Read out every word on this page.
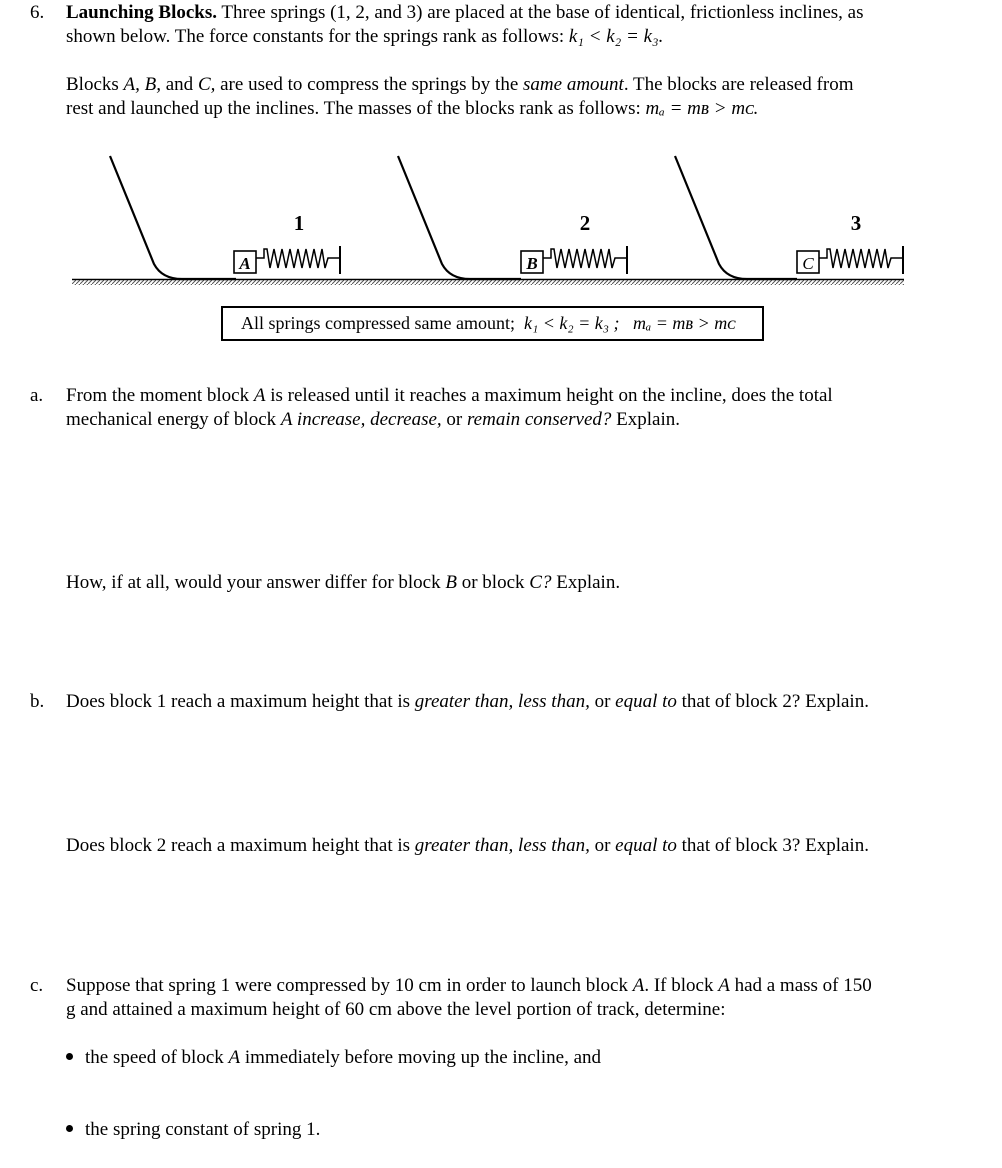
6. Launching Blocks. Three springs (1, 2, and 3) are placed at the base of identical, frictionless inclines, as
shown below. The force constants for the springs rank as follows: k₁ < k₂ = k₃.
Blocks A, B, and C, are used to compress the springs by the same amount. The blocks are released from
rest and launched up the inclines. The masses of the blocks rank as follows: mₐ = mʙ > mᴄ.
A
1
B
2
C
3
All springs compressed same amount; k₁ < k₂ = k₃ ; mₐ = mʙ > mᴄ
a. From the moment block A is released until it reaches a maximum height on the incline, does the total
mechanical energy of block A increase, decrease, or remain conserved? Explain.
How, if at all, would your answer differ for block B or block C? Explain.
b. Does block 1 reach a maximum height that is greater than, less than, or equal to that of block 2? Explain.
Does block 2 reach a maximum height that is greater than, less than, or equal to that of block 3? Explain.
c. Suppose that spring 1 were compressed by 10 cm in order to launch block A. If block A had a mass of 150
g and attained a maximum height of 60 cm above the level portion of track, determine:
the speed of block A immediately before moving up the incline, and
the spring constant of spring 1.
